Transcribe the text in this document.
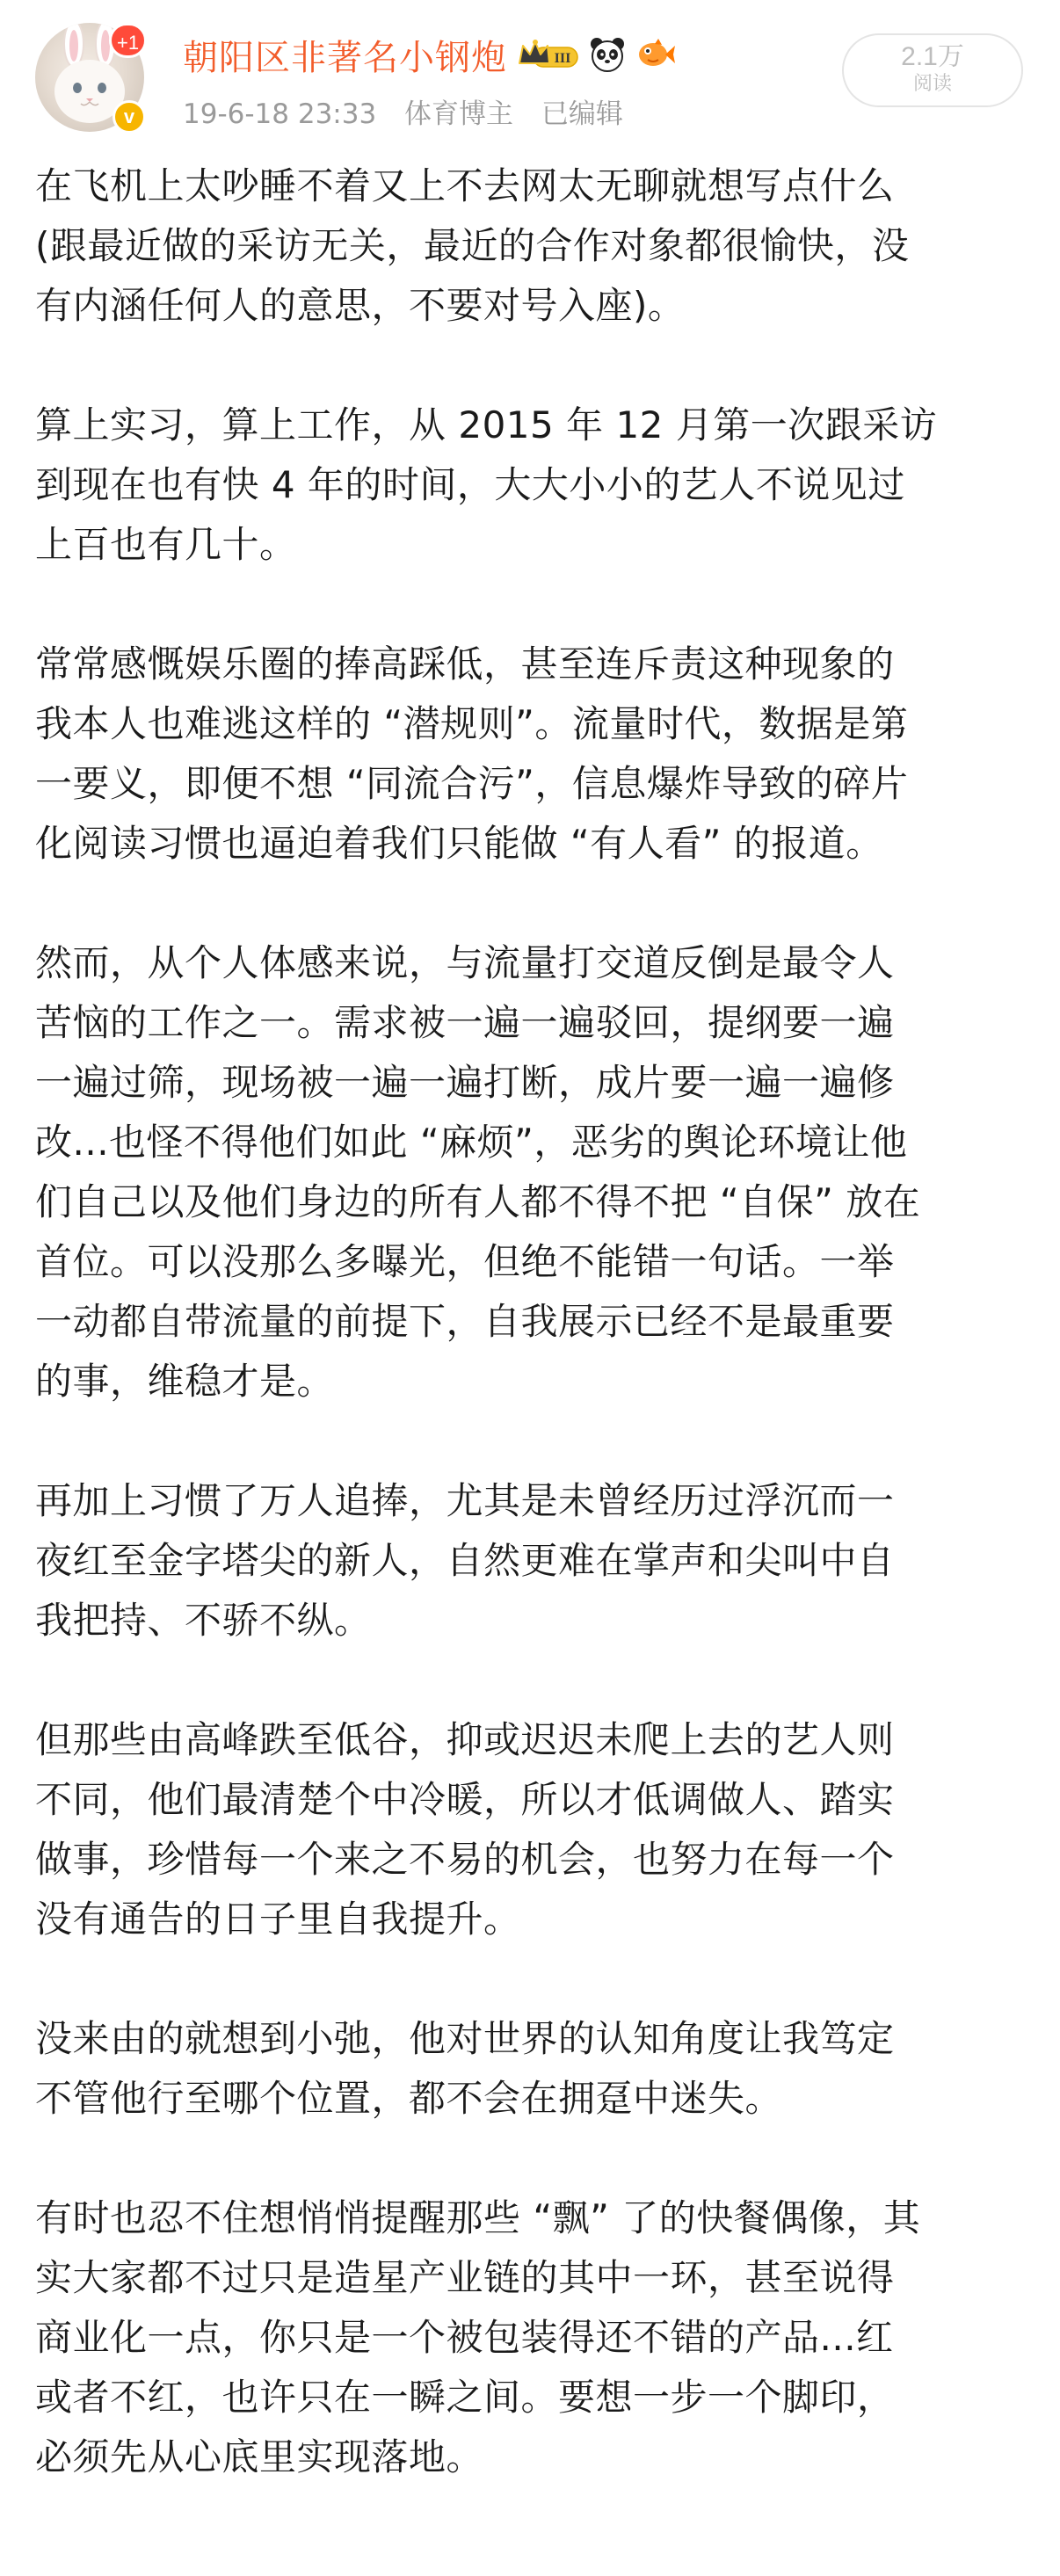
+1
v
朝阳区非著名小钢炮	III
19-6-18 23:33 体育博主 已编辑
2.1万
阅读

在飞机上太吵睡不着又上不去网太无聊就想写点什么
(跟最近做的采访无关，最近的合作对象都很愉快，没
有内涵任何人的意思，不要对号入座)。

算上实习，算上工作，从 2015 年 12 月第一次跟采访
到现在也有快 4 年的时间，大大小小的艺人不说见过
上百也有几十。

常常感慨娱乐圈的捧高踩低，甚至连斥责这种现象的
我本人也难逃这样的 “潜规则”。流量时代，数据是第
一要义，即便不想 “同流合污”，信息爆炸导致的碎片
化阅读习惯也逼迫着我们只能做 “有人看” 的报道。

然而，从个人体感来说，与流量打交道反倒是最令人
苦恼的工作之一。需求被一遍一遍驳回，提纲要一遍
一遍过筛，现场被一遍一遍打断，成片要一遍一遍修
改...也怪不得他们如此 “麻烦”，恶劣的舆论环境让他
们自己以及他们身边的所有人都不得不把 “自保” 放在
首位。可以没那么多曝光，但绝不能错一句话。一举
一动都自带流量的前提下，自我展示已经不是最重要
的事，维稳才是。

再加上习惯了万人追捧，尤其是未曾经历过浮沉而一
夜红至金字塔尖的新人，自然更难在掌声和尖叫中自
我把持、不骄不纵。

但那些由高峰跌至低谷，抑或迟迟未爬上去的艺人则
不同，他们最清楚个中冷暖，所以才低调做人、踏实
做事，珍惜每一个来之不易的机会，也努力在每一个
没有通告的日子里自我提升。

没来由的就想到小弛，他对世界的认知角度让我笃定
不管他行至哪个位置，都不会在拥趸中迷失。

有时也忍不住想悄悄提醒那些 “飘” 了的快餐偶像，其
实大家都不过只是造星产业链的其中一环，甚至说得
商业化一点，你只是一个被包装得还不错的产品...红
或者不红，也许只在一瞬之间。要想一步一个脚印，
必须先从心底里实现落地。
